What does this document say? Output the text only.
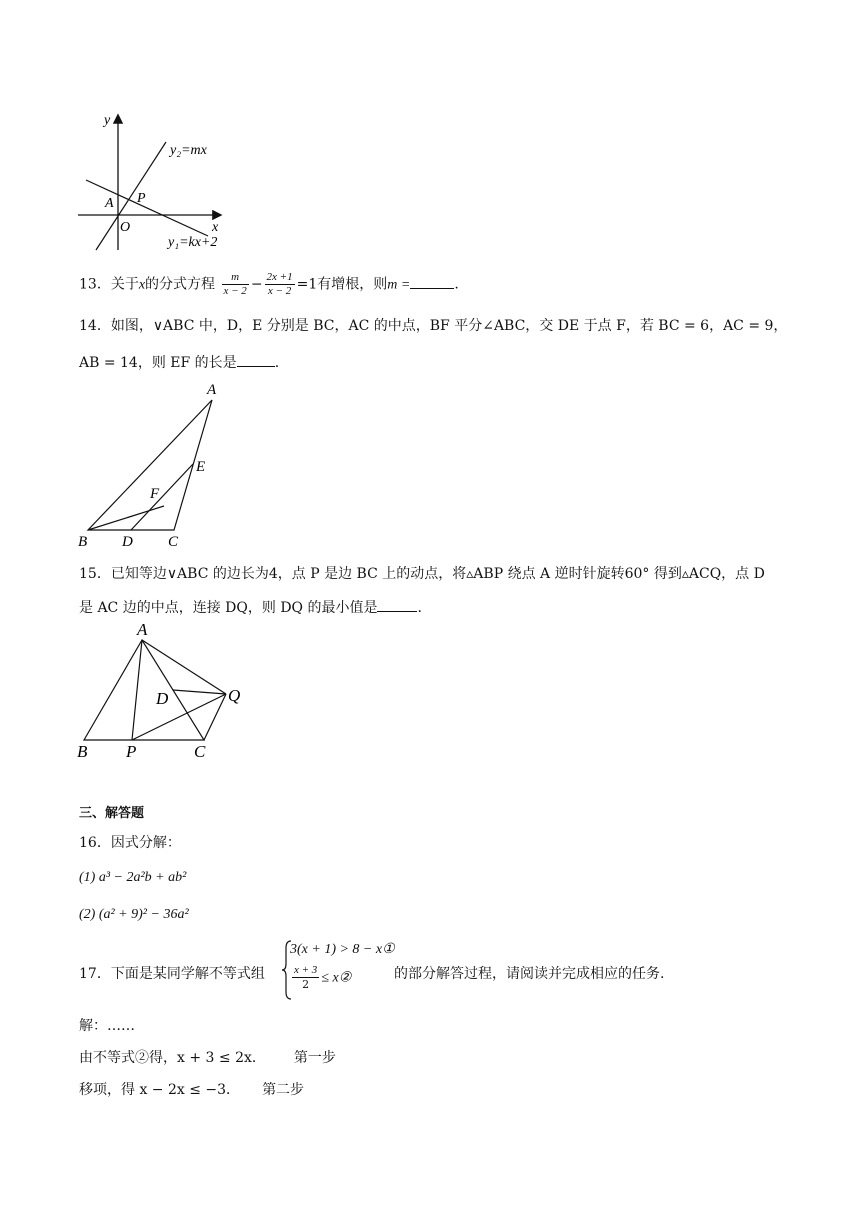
y
x
O
A P
y₂=mx
y₁=kx+2
13．关于x的分式方程 $\frac{m}{x - 2} - \frac{2x +1}{x - 2} =1$有增根，则m =	.
14．如图，∨ABC 中，D，E 分别是 BC，AC 的中点，BF 平分∠ABC，交 DE 于点 F，若 BC = 6，AC = 9，
AB = 14，则 EF 的长是	.
A
B	C
D
E
F
15．已知等边∨ABC 的边长为4，点 P 是边 BC 上的动点，将▵ABP 绕点 A 逆时针旋转60° 得到▵ACQ，点 D
是 AC 边的中点，连接 DQ，则 DQ 的最小值是	.
A
B	C
D
P
Q
三、解答题
16．因式分解：
(1) a³ − 2a²b + ab²
(2) (a² + 9)² − 36a²
17．下面是某同学解不等式组
3(x + 1) > 8 − x①
$\frac{x + 3}{2}$ ≤ x②	的部分解答过程，请阅读并完成相应的任务.
解：……
由不等式②得，x + 3 ≤ 2x． 第一步
移项，得 x − 2x ≤ −3． 第二步
